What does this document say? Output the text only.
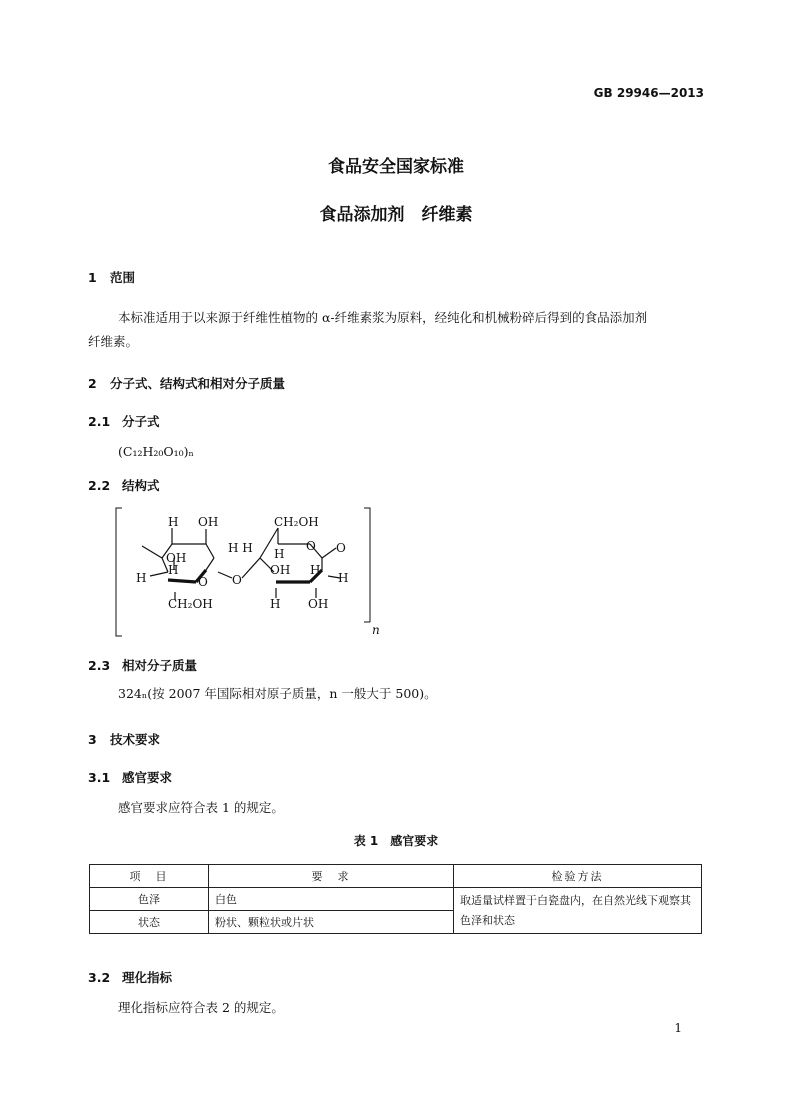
GB 29946—2013
食品安全国家标准
食品添加剂　纤维素
1 范围
本标准适用于以来源于纤维性植物的 α-纤维素浆为原料，经纯化和机械粉碎后得到的食品添加剂
纤维素。
2 分子式、结构式和相对分子质量
2.1 分子式
(C₁₂H₂₀O₁₀)ₙ
2.2 结构式
H OH	CH₂OH
OH
H H H
O O
H
H	O O
OH H
H
CH₂OH	H OH
n
2.3 相对分子质量
324ₙ(按 2007 年国际相对原子质量，n 一般大于 500)。
3 技术要求
3.1 感官要求
感官要求应符合表 1 的规定。
表 1　感官要求
项　目	要　求	检验方法
色泽	白色	取适量试样置于白瓷盘内，在自然光线下观察其色泽和状态
状态	粉状、颗粒状或片状	
3.2 理化指标
理化指标应符合表 2 的规定。
1
